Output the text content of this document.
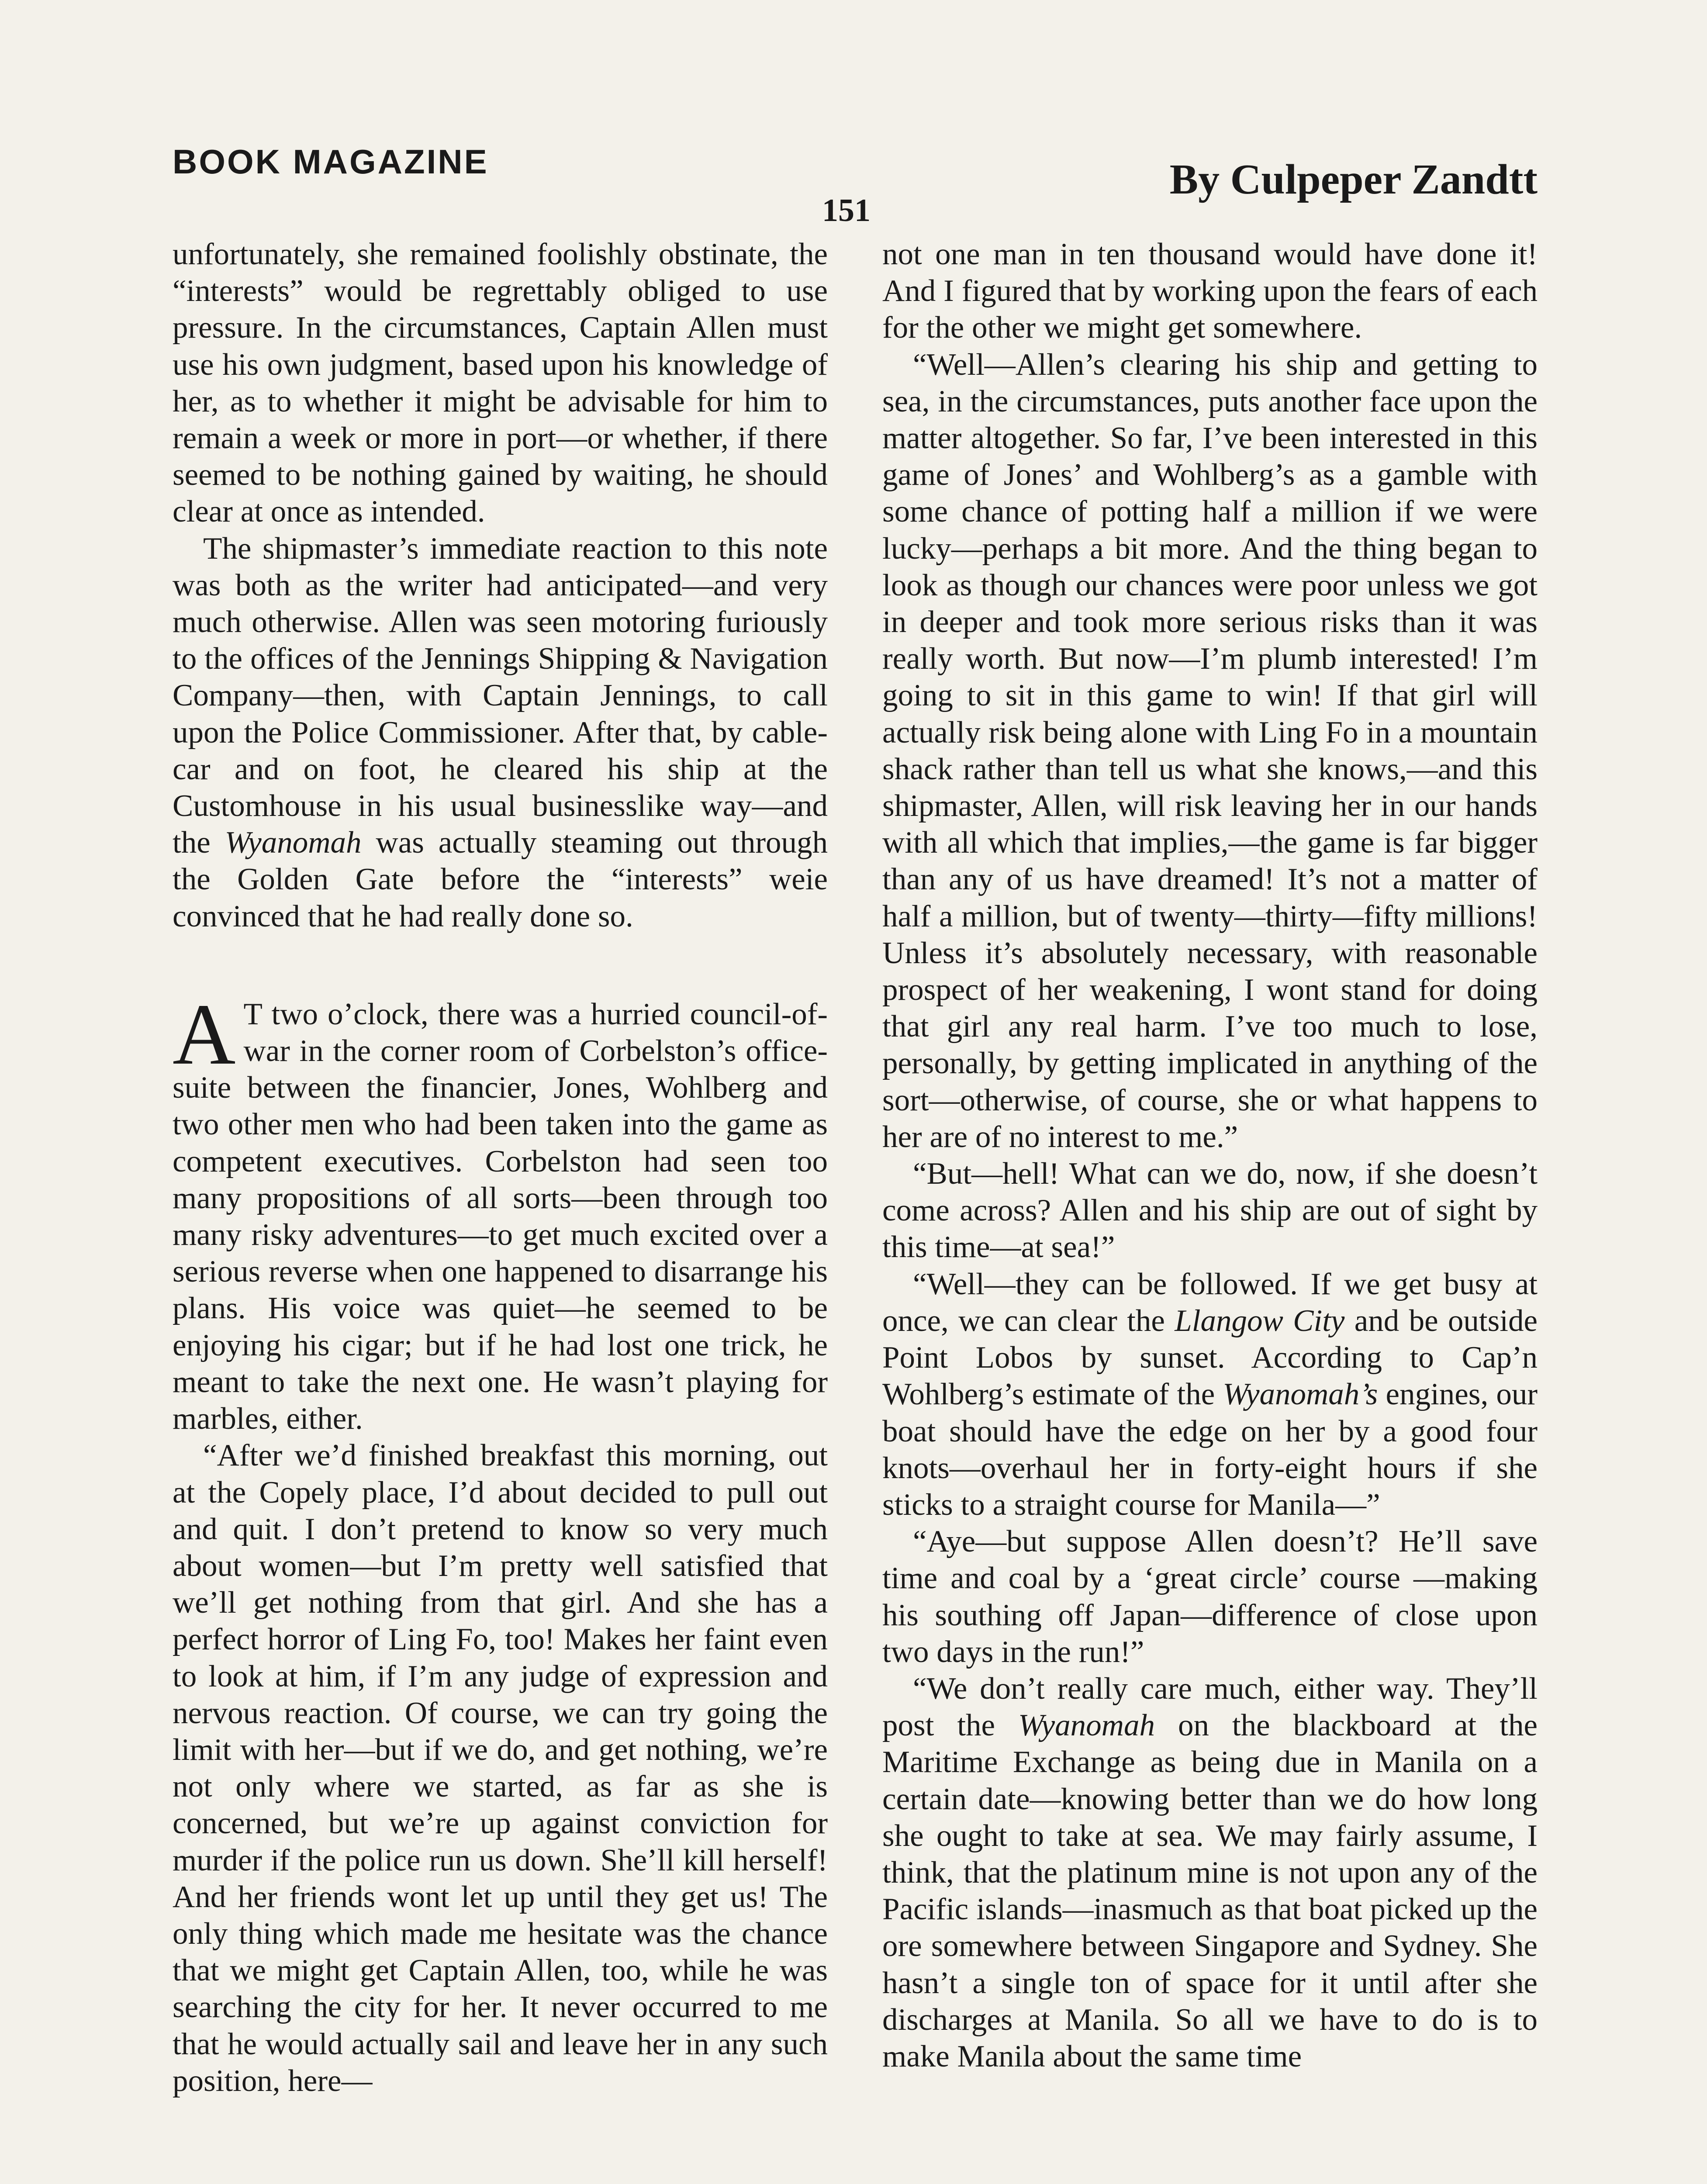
BOOK MAGAZINE	By Culpeper Zandtt
151

unfortunately, she remained foolishly obstinate, the “interests” would be regrettably obliged to use pressure. In the circumstances, Captain Allen must use his own judgment, based upon his knowledge of her, as to whether it might be advisable for him to remain a week or more in port—or whether, if there seemed to be nothing gained by waiting, he should clear at once as intended.

The shipmaster’s immediate reaction to this note was both as the writer had anticipated—and very much otherwise. Allen was seen motoring furiously to the offices of the Jennings Shipping & Navigation Company—then, with Captain Jennings, to call upon the Police Commissioner. After that, by cable-car and on foot, he cleared his ship at the Customhouse in his usual businesslike way—and the Wyanomah was actually steaming out through the Golden Gate before the “interests” weie convinced that he had really done so.

A T two o’clock, there was a hurried council-of-war in the corner room of Corbelston’s office-suite between the financier, Jones, Wohlberg and two other men who had been taken into the game as competent executives. Corbelston had seen too many propositions of all sorts—been through too many risky adventures—to get much excited over a serious reverse when one happened to disarrange his plans. His voice was quiet—he seemed to be enjoying his cigar; but if he had lost one trick, he meant to take the next one. He wasn’t playing for marbles, either.

“After we’d finished breakfast this morning, out at the Copely place, I’d about decided to pull out and quit. I don’t pretend to know so very much about women—but I’m pretty well satisfied that we’ll get nothing from that girl. And she has a perfect horror of Ling Fo, too! Makes her faint even to look at him, if I’m any judge of expression and nervous reaction. Of course, we can try going the limit with her—but if we do, and get nothing, we’re not only where we started, as far as she is concerned, but we’re up against conviction for murder if the police run us down. She’ll kill herself! And her friends wont let up until they get us! The only thing which made me hesitate was the chance that we might get Captain Allen, too, while he was searching the city for her. It never occurred to me that he would actually sail and leave her in any such position, here—

not one man in ten thousand would have done it! And I figured that by working upon the fears of each for the other we might get somewhere.

“Well—Allen’s clearing his ship and getting to sea, in the circumstances, puts another face upon the matter altogether. So far, I’ve been interested in this game of Jones’ and Wohlberg’s as a gamble with some chance of potting half a million if we were lucky—perhaps a bit more. And the thing began to look as though our chances were poor unless we got in deeper and took more serious risks than it was really worth. But now—I’m plumb interested! I’m going to sit in this game to win! If that girl will actually risk being alone with Ling Fo in a mountain shack rather than tell us what she knows,—and this shipmaster, Allen, will risk leaving her in our hands with all which that implies,—the game is far bigger than any of us have dreamed! It’s not a matter of half a million, but of twenty—thirty—fifty millions! Unless it’s absolutely necessary, with reasonable prospect of her weakening, I wont stand for doing that girl any real harm. I’ve too much to lose, personally, by getting implicated in anything of the sort—otherwise, of course, she or what happens to her are of no interest to me.”

“But—hell! What can we do, now, if she doesn’t come across? Allen and his ship are out of sight by this time—at sea!”

“Well—they can be followed. If we get busy at once, we can clear the Llangow City and be outside Point Lobos by sunset. According to Cap’n Wohlberg’s estimate of the Wyanomah’s engines, our boat should have the edge on her by a good four knots—overhaul her in forty-eight hours if she sticks to a straight course for Manila—”

“Aye—but suppose Allen doesn’t? He’ll save time and coal by a ‘great circle’ course —making his southing off Japan—difference of close upon two days in the run!”

“We don’t really care much, either way. They’ll post the Wyanomah on the blackboard at the Maritime Exchange as being due in Manila on a certain date—knowing better than we do how long she ought to take at sea. We may fairly assume, I think, that the platinum mine is not upon any of the Pacific islands—inasmuch as that boat picked up the ore somewhere between Singapore and Sydney. She hasn’t a single ton of space for it until after she discharges at Manila. So all we have to do is to make Manila about the same time
